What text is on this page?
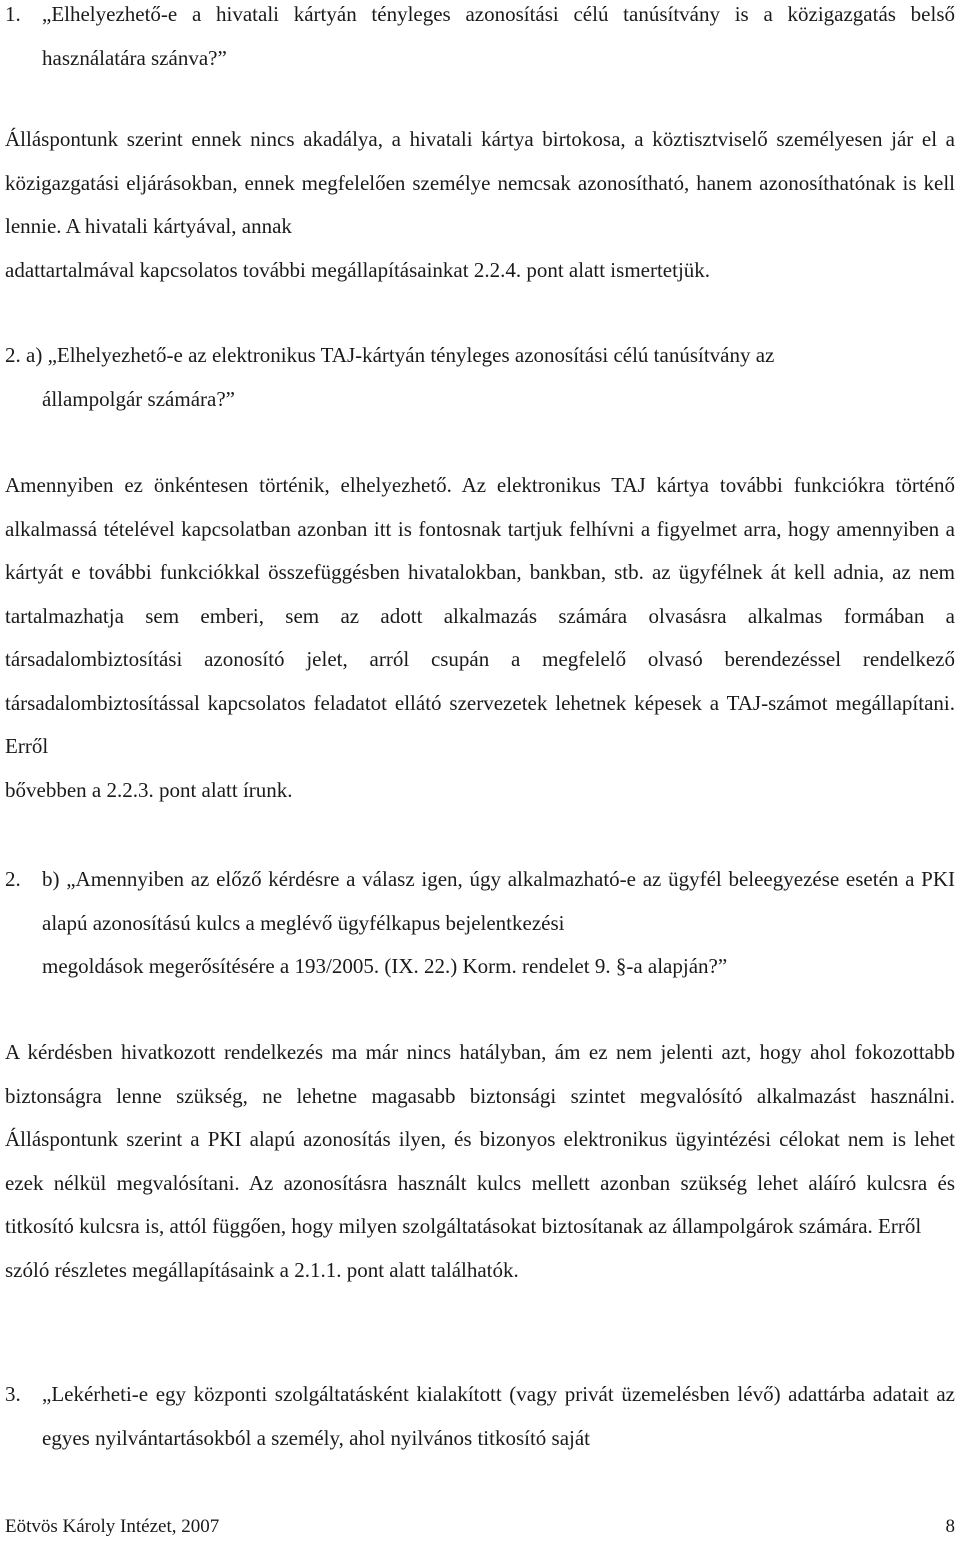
1. „Elhelyezhető-e a hivatali kártyán tényleges azonosítási célú tanúsítvány is a közigazgatás belső használatára szánva?”

Álláspontunk szerint ennek nincs akadálya, a hivatali kártya birtokosa, a köztisztviselő személyesen jár el a közigazgatási eljárásokban, ennek megfelelően személye nemcsak azonosítható, hanem azonosíthatónak is kell lennie. A hivatali kártyával, annak
adattartalmával kapcsolatos további megállapításainkat 2.2.4. pont alatt ismertetjük.

2. a) „Elhelyezhető-e az elektronikus TAJ-kártyán tényleges azonosítási célú tanúsítvány az
állampolgár számára?”

Amennyiben ez önkéntesen történik, elhelyezhető. Az elektronikus TAJ kártya további funkciókra történő alkalmassá tételével kapcsolatban azonban itt is fontosnak tartjuk felhívni a figyelmet arra, hogy amennyiben a kártyát e további funkciókkal összefüggésben hivatalokban, bankban, stb. az ügyfélnek át kell adnia, az nem tartalmazhatja sem emberi, sem az adott alkalmazás számára olvasásra alkalmas formában a társadalombiztosítási azonosító jelet, arról csupán a megfelelő olvasó berendezéssel rendelkező társadalombiztosítással kapcsolatos feladatot ellátó szervezetek lehetnek képesek a TAJ-számot megállapítani. Erről
bővebben a 2.2.3. pont alatt írunk.

2. b) „Amennyiben az előző kérdésre a válasz igen, úgy alkalmazható-e az ügyfél beleegyezése esetén a PKI alapú azonosítású kulcs a meglévő ügyfélkapus bejelentkezési
megoldások megerősítésére a 193/2005. (IX. 22.) Korm. rendelet 9. §-a alapján?”

A kérdésben hivatkozott rendelkezés ma már nincs hatályban, ám ez nem jelenti azt, hogy ahol fokozottabb biztonságra lenne szükség, ne lehetne magasabb biztonsági szintet megvalósító alkalmazást használni. Álláspontunk szerint a PKI alapú azonosítás ilyen, és bizonyos elektronikus ügyintézési célokat nem is lehet ezek nélkül megvalósítani. Az azonosításra használt kulcs mellett azonban szükség lehet aláíró kulcsra és titkosító kulcsra is, attól függően, hogy milyen szolgáltatásokat biztosítanak az állampolgárok számára. Erről
szóló részletes megállapításaink a 2.1.1. pont alatt találhatók.

3. „Lekérheti-e egy központi szolgáltatásként kialakított (vagy privát üzemelésben lévő) adattárba adatait az egyes nyilvántartásokból a személy, ahol nyilvános titkosító saját
Eötvös Károly Intézet, 2007	8
